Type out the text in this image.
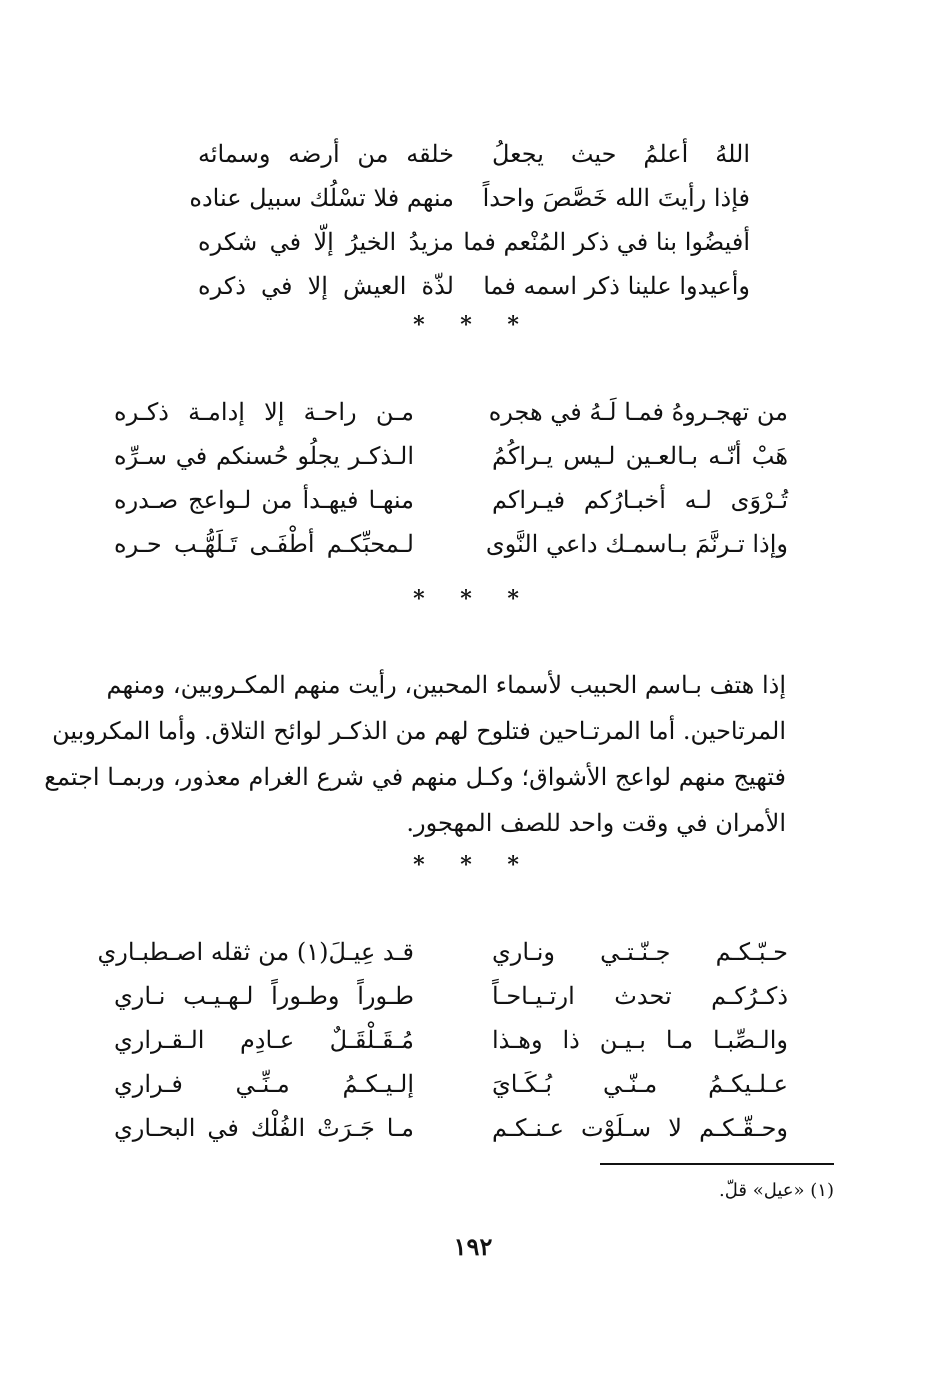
اللهُ أعلمُ حيث يجعلُ
خلقه من أرضه وسمائه
فإذا رأيتَ الله خَصَّصَ واحداً
منهم فلا تسْلُك سبيل عناده
أفيضُوا بنا في ذكر المُنْعم فما
مزيدُ الخيرُ إلّا في شكره
وأعيدوا علينا ذكر اسمه فما
لذّة العيش إلا في ذكره
* * *
من تهجـروهُ فمـا لَـهُ في هجره
مـن راحـة إلا إدامـة ذكـره
هَبْ أنّـه بـالعـين لـيس يـراكُمُ
الـذكـر يجلُو حُسنكم في سـرِّه
تُـرْوَى لـه أخبـارُكم فيـراكم
منهـا فيهـدأ من لـواعج صـدره
وإذا تـرنَّمَ بـاسمـك داعي النَّوى
لـمحبِّكـم أطْفَـى تَـلَهُّـب حـره
* * *
إذا هتف بـاسم الحبيب لأسماء المحبين، رأيت منهم المكـروبين، ومنهم
المرتاحين. أما المرتـاحين فتلوح لهم من الذكـر لوائح التلاق. وأما المكروبين
فتهيج منهم لواعج الأشواق؛ وكـل منهم في شرع الغرام معذور، وربمـا اجتمع
الأمران في وقت واحد للصف المهجور.
* * *
حـبّـكـم جـنّـتـي ونـاري
قـد عِيـلَ(١) من ثقله اصـطبـاري
ذكـرُكـم تحدث ارتـيـاحـاً
طـوراً وطـوراً لـهـيـب نـاري
والـصِّبـا مـا بـيـن ذا وهـذا
مُـقَـلْقَـلٌ عـادِم الـقـراري
عـلـيكـمُ مـنّـي بُـكَـايَ
إلـيـكـمُ مـنِّـي فـراري
وحـقّـكـم لا سـلَوْت عـنـكـم
مـا جَـرَتْ الفُلْك في البحـاري
(١) «عيل» قلّ.
١٩٢
